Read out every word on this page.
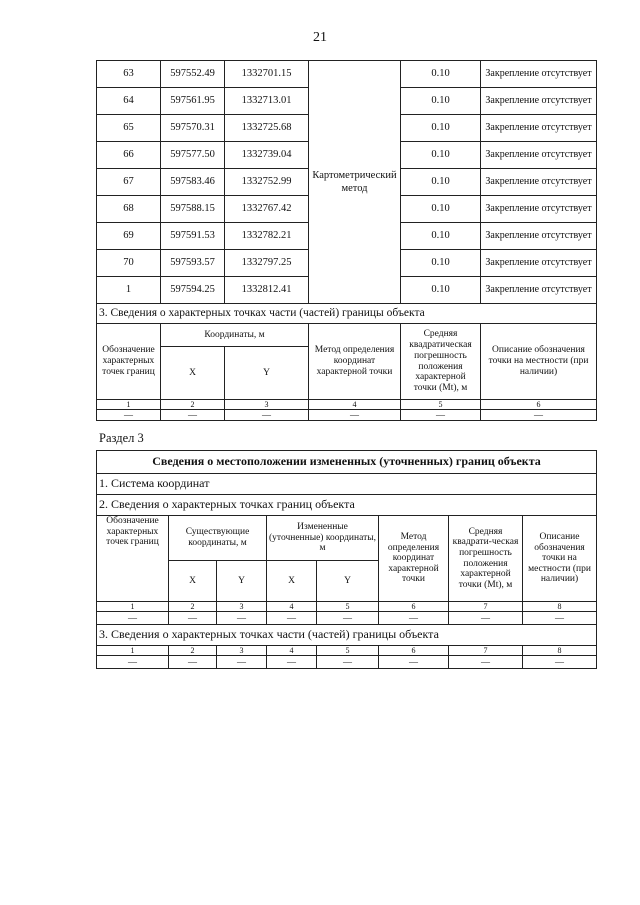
21
63	597552.49	1332701.15	Картометрический метод	0.10	Закрепление отсутствует
64	597561.95	1332713.01		0.10	Закрепление отсутствует
65	597570.31	1332725.68		0.10	Закрепление отсутствует
66	597577.50	1332739.04		0.10	Закрепление отсутствует
67	597583.46	1332752.99		0.10	Закрепление отсутствует
68	597588.15	1332767.42		0.10	Закрепление отсутствует
69	597591.53	1332782.21		0.10	Закрепление отсутствует
70	597593.57	1332797.25		0.10	Закрепление отсутствует
1	597594.25	1332812.41		0.10	Закрепление отсутствует
3. Сведения о характерных точках части (частей) границы объекта					
Обозначение характерных точек границ	Координаты, м		Метод определения координат характерной точки	Средняя квадратическая погрешность положения характерной точки (Mt), м	Описание обозначения точки на местности (при наличии)
	X	Y			
1	2	3	4	5	6
—	—	—	—	—	—
Раздел 3
Сведения о местоположении измененных (уточненных) границ объекта							
1. Система координат							
2. Сведения о характерных точках границ объекта							
Обозначение характерных точек границ	Существующие координаты, м		Измененные (уточненные) координаты, м		Метод определения координат характерной точки	Средняя квадрати-ческая погрешность положения характерной точки (Mt), м	Описание обозначения точки на местности (при наличии)
	X	Y	X	Y			
1	2	3	4	5	6	7	8
—	—	—	—	—	—	—	—
3. Сведения о характерных точках части (частей) границы объекта							
1	2	3	4	5	6	7	8
—	—	—	—	—	—	—	—
